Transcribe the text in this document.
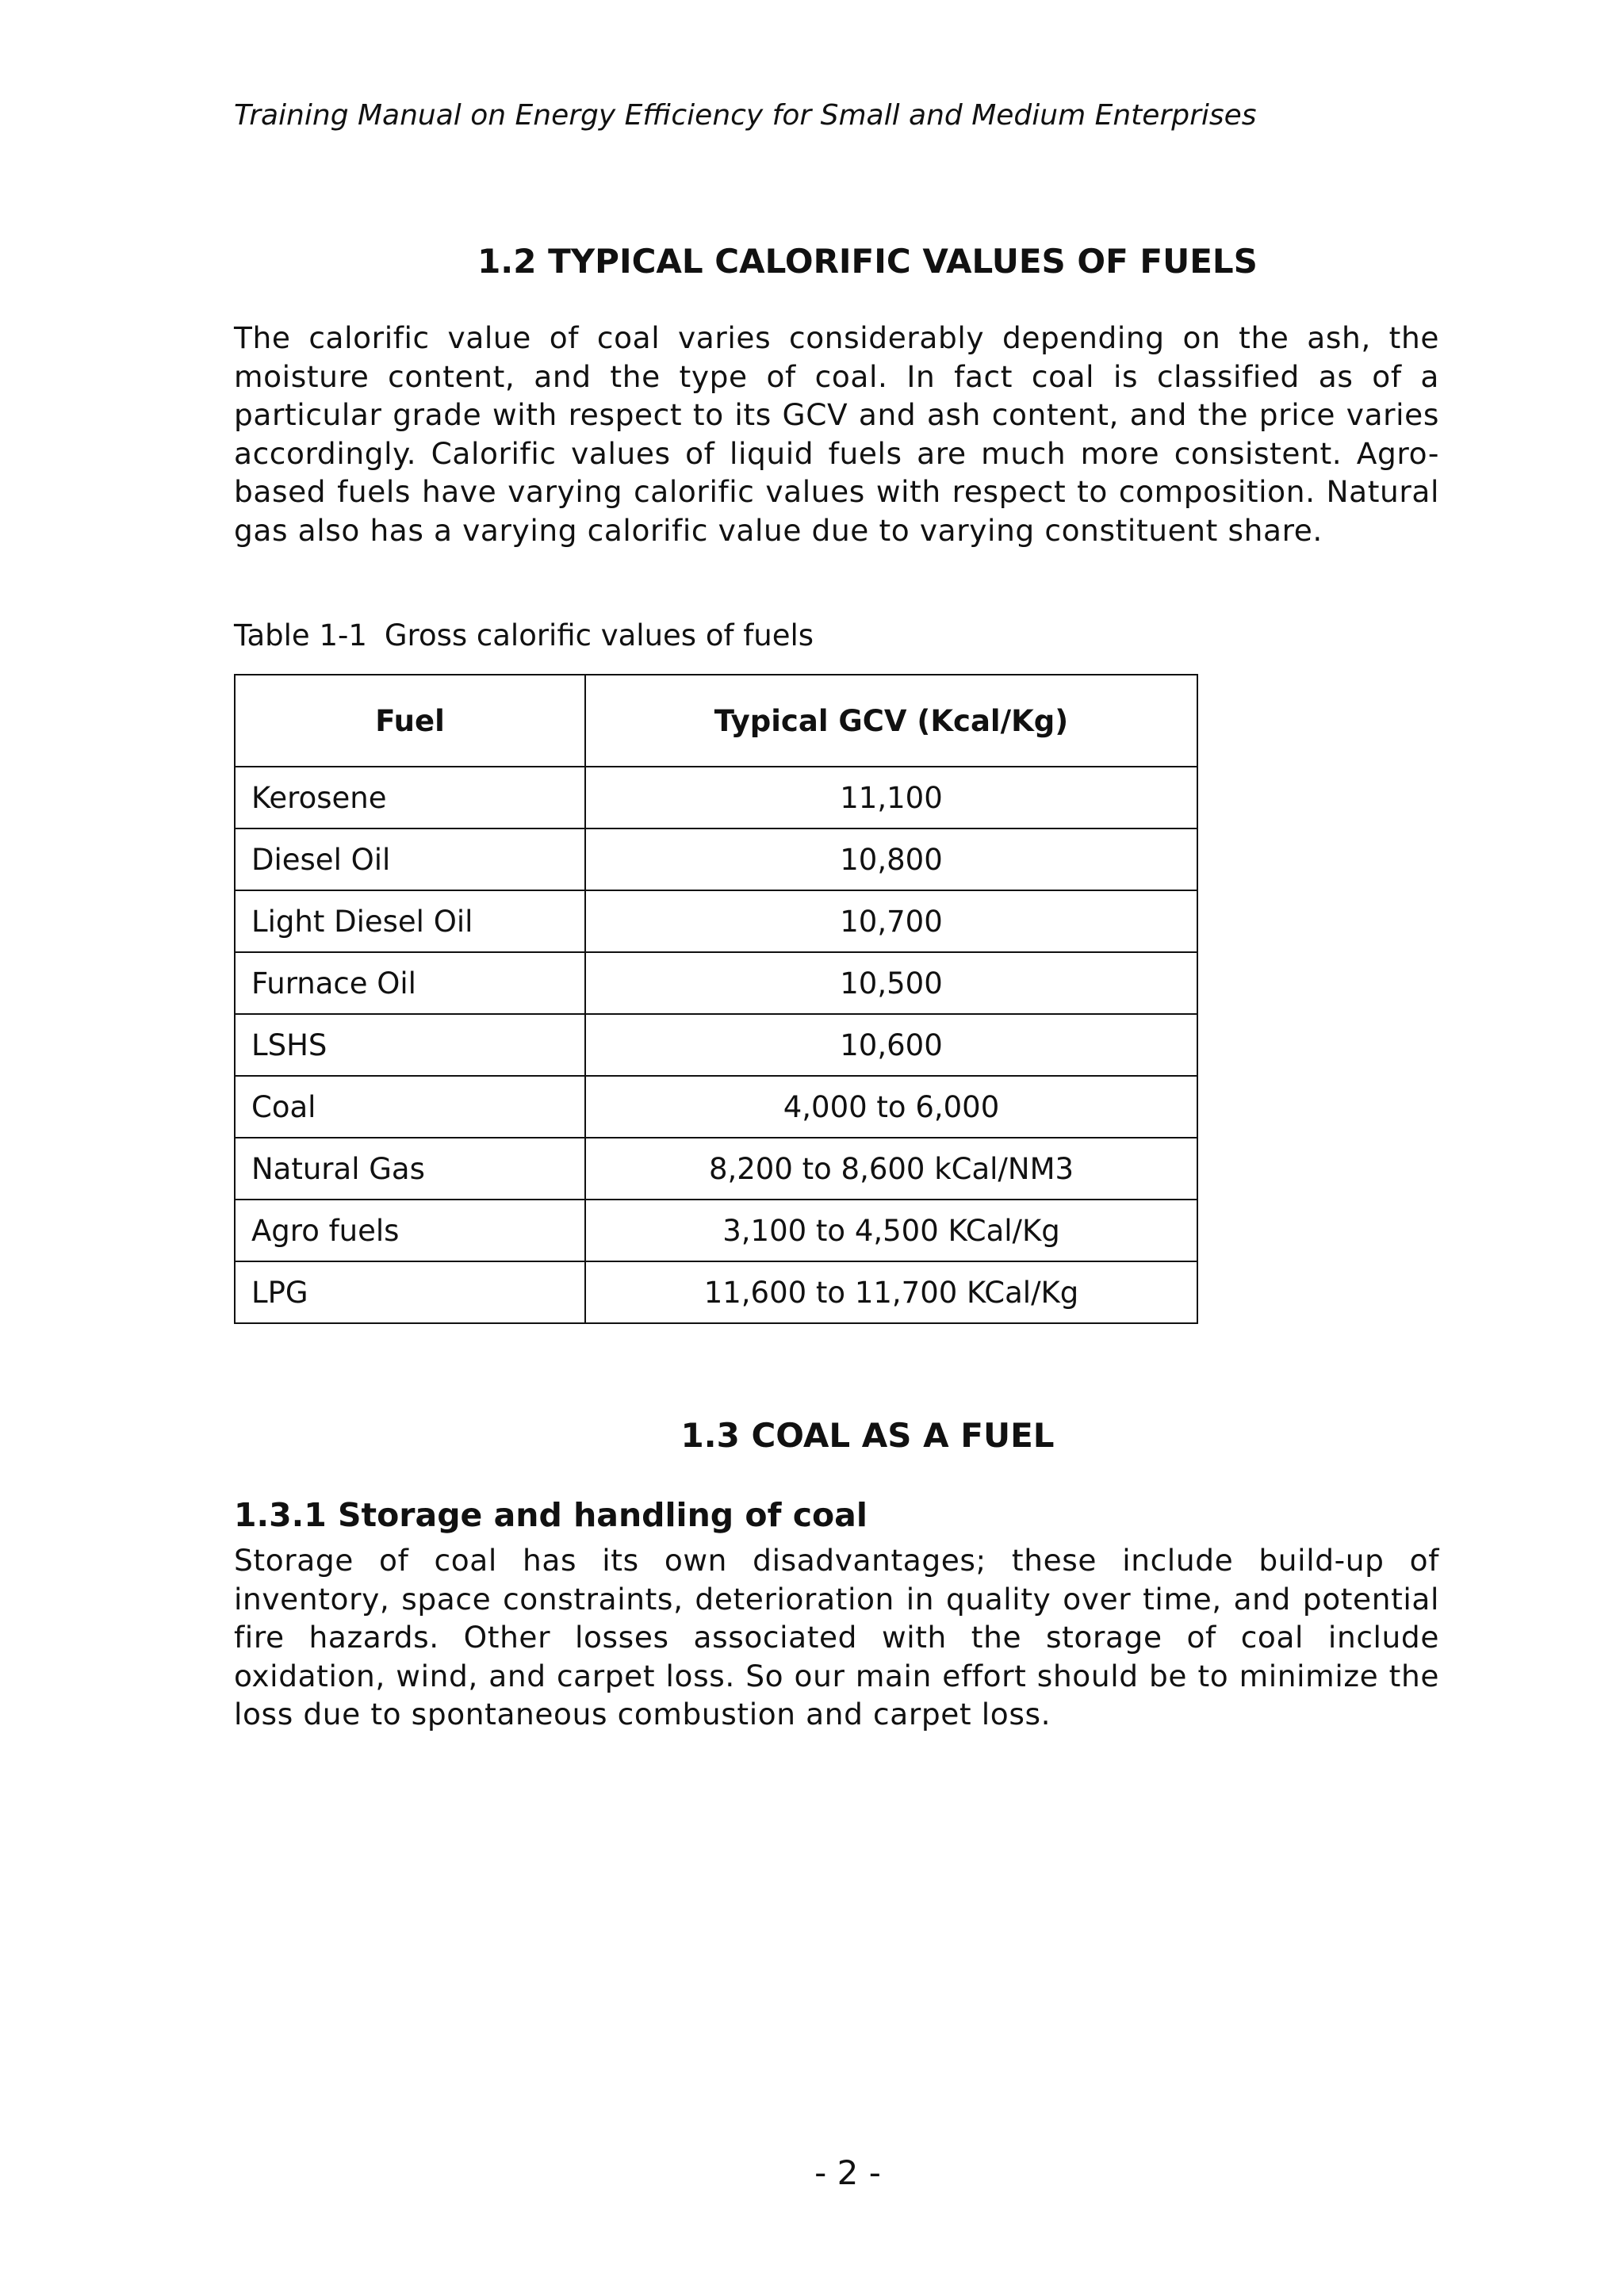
Training Manual on Energy Efficiency for Small and Medium Enterprises
1.2 TYPICAL CALORIFIC VALUES OF FUELS

The calorific value of coal varies considerably depending on the ash, the moisture content, and the type of coal. In fact coal is classified as of a particular grade with respect to its GCV and ash content, and the price varies accordingly. Calorific values of liquid fuels are much more consistent. Agro-based fuels have varying calorific values with respect to composition. Natural gas also has a varying calorific value due to varying constituent share.

Table 1-1 Gross calorific values of fuels
Fuel	Typical GCV (Kcal/Kg)
Kerosene	11,100
Diesel Oil	10,800
Light Diesel Oil	10,700
Furnace Oil	10,500
LSHS	10,600
Coal	4,000 to 6,000
Natural Gas	8,200 to 8,600 kCal/NM3
Agro fuels	3,100 to 4,500 KCal/Kg
LPG	11,600 to 11,700 KCal/Kg
1.3 COAL AS A FUEL
1.3.1 Storage and handling of coal

Storage of coal has its own disadvantages; these include build-up of inventory, space constraints, deterioration in quality over time, and potential fire hazards. Other losses associated with the storage of coal include oxidation, wind, and carpet loss. So our main effort should be to minimize the loss due to spontaneous combustion and carpet loss.

- 2 -
